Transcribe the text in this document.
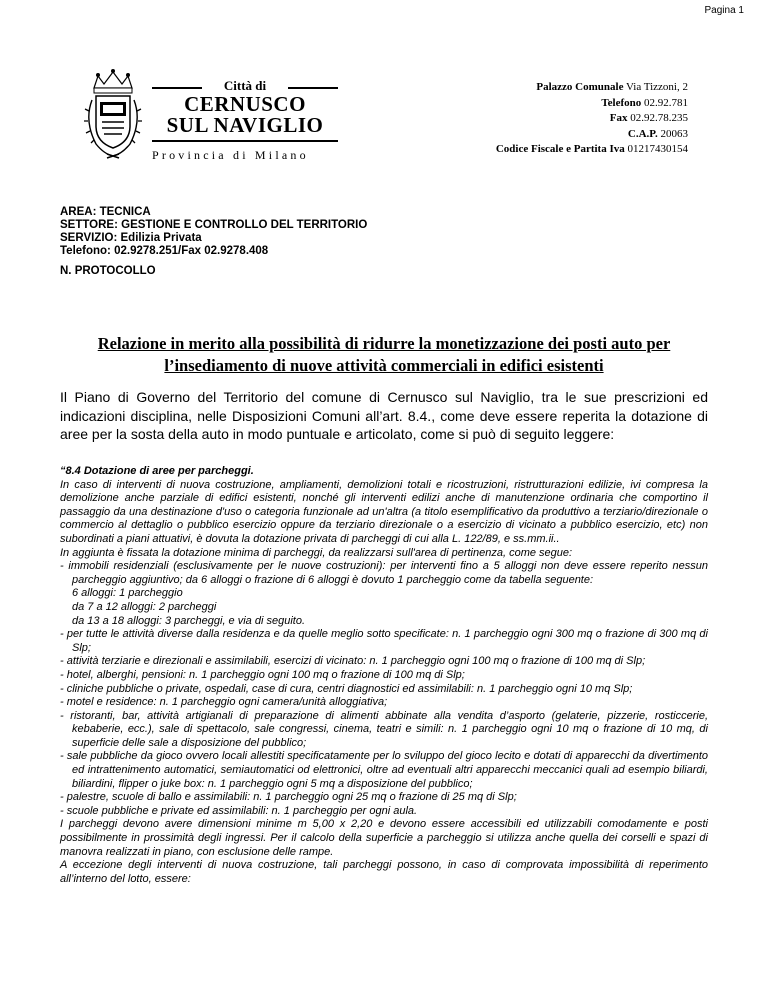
Pagina 1
Città di
CERNUSCO
SUL NAVIGLIO
Provincia di Milano
Palazzo Comunale Via Tizzoni, 2
Telefono 02.92.781
Fax 02.92.78.235
C.A.P. 20063
Codice Fiscale e Partita Iva 01217430154
AREA: TECNICA
SETTORE: GESTIONE E CONTROLLO DEL TERRITORIO
SERVIZIO: Edilizia Privata
Telefono: 02.9278.251/Fax 02.9278.408
N. PROTOCOLLO
Relazione in merito alla possibilità di ridurre la monetizzazione dei posti auto per l’insediamento di nuove attività commerciali in edifici esistenti
Il Piano di Governo del Territorio del comune di Cernusco sul Naviglio, tra le sue prescrizioni ed indicazioni disciplina, nelle Disposizioni Comuni all’art. 8.4., come deve essere reperita la dotazione di aree per la sosta della auto in modo puntuale e articolato, come si può di seguito leggere:

“8.4 Dotazione di aree per parcheggi.

In caso di interventi di nuova costruzione, ampliamenti, demolizioni totali e ricostruzioni, ristrutturazioni edilizie, ivi compresa la demolizione anche parziale di edifici esistenti, nonché gli interventi edilizi anche di manutenzione ordinaria che comportino il passaggio da una destinazione d'uso o categoria funzionale ad un'altra (a titolo esemplificativo da produttivo a terziario/direzionale o commercio al dettaglio o pubblico esercizio oppure da terziario direzionale o a esercizio di vicinato a pubblico esercizio, etc) non subordinati a piani attuativi, è dovuta la dotazione privata di parcheggi di cui alla L. 122/89, e ss.mm.ii..

In aggiunta è fissata la dotazione minima di parcheggi, da realizzarsi sull'area di pertinenza, come segue:

- immobili residenziali (esclusivamente per le nuove costruzioni): per interventi fino a 5 alloggi non deve essere reperito nessun parcheggio aggiuntivo; da 6 alloggi o frazione di 6 alloggi è dovuto 1 parcheggio come da tabella seguente:

6 alloggi: 1 parcheggio

da 7 a 12 alloggi: 2 parcheggi

da 13 a 18 alloggi: 3 parcheggi, e via di seguito.

- per tutte le attività diverse dalla residenza e da quelle meglio sotto specificate: n. 1 parcheggio ogni 300 mq o frazione di 300 mq di Slp;

- attività terziarie e direzionali e assimilabili, esercizi di vicinato: n. 1 parcheggio ogni 100 mq o frazione di 100 mq di Slp;

- hotel, alberghi, pensioni: n. 1 parcheggio ogni 100 mq o frazione di 100 mq di Slp;

- cliniche pubbliche o private, ospedali, case di cura, centri diagnostici ed assimilabili: n. 1 parcheggio ogni 10 mq Slp;

- motel e residence: n. 1 parcheggio ogni camera/unità alloggiativa;

- ristoranti, bar, attività artigianali di preparazione di alimenti abbinate alla vendita d’asporto (gelaterie, pizzerie, rosticcerie, kebaberie, ecc.), sale di spettacolo, sale congressi, cinema, teatri e simili: n. 1 parcheggio ogni 10 mq o frazione di 10 mq, di superficie delle sale a disposizione del pubblico;

- sale pubbliche da gioco ovvero locali allestiti specificatamente per lo sviluppo del gioco lecito e dotati di apparecchi da divertimento ed intrattenimento automatici, semiautomatici od elettronici, oltre ad eventuali altri apparecchi meccanici quali ad esempio biliardi, biliardini, flipper o juke box: n. 1 parcheggio ogni 5 mq a disposizione del pubblico;

- palestre, scuole di ballo e assimilabili: n. 1 parcheggio ogni 25 mq o frazione di 25 mq di Slp;

- scuole pubbliche e private ed assimilabili: n. 1 parcheggio per ogni aula.

I parcheggi devono avere dimensioni minime m 5,00 x 2,20 e devono essere accessibili ed utilizzabili comodamente e posti possibilmente in prossimità degli ingressi. Per il calcolo della superficie a parcheggio si utilizza anche quella dei corselli e spazi di manovra realizzati in piano, con esclusione delle rampe.

A eccezione degli interventi di nuova costruzione, tali parcheggi possono, in caso di comprovata impossibilità di reperimento all’interno del lotto, essere:
